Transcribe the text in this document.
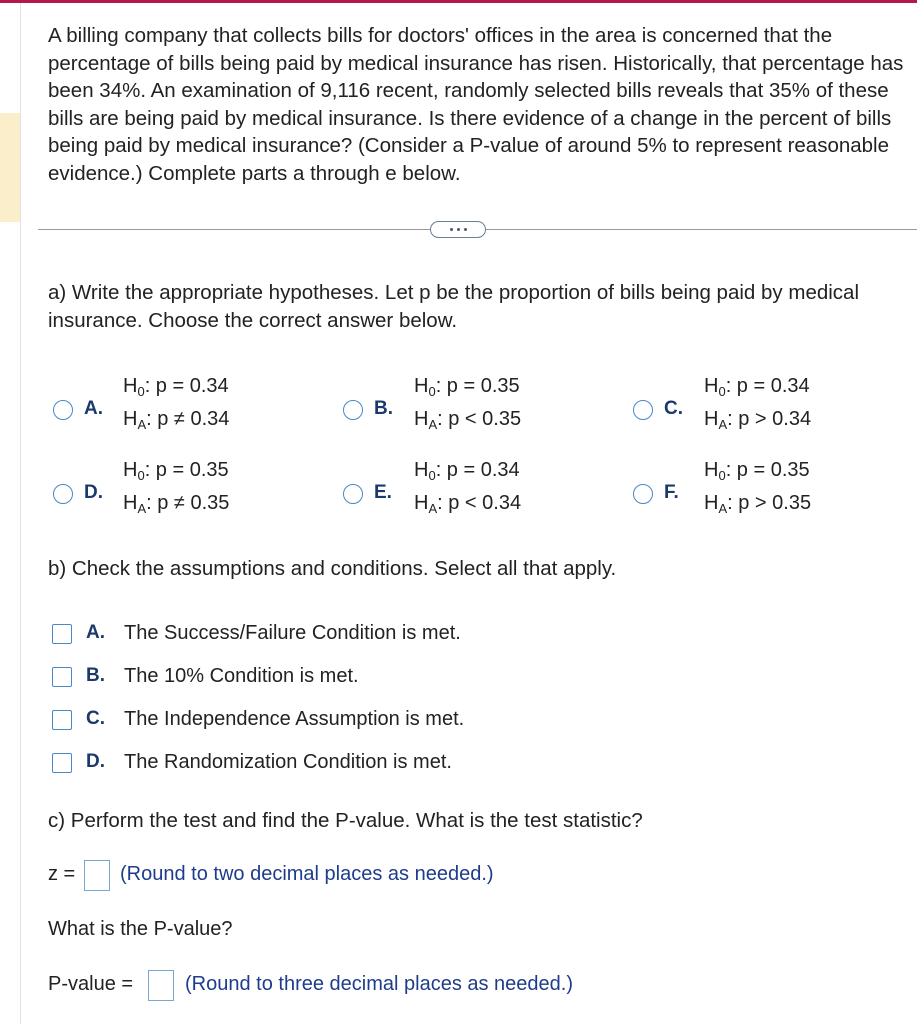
A billing company that collects bills for doctors' offices in the area is concerned that the percentage of bills being paid by medical insurance has risen. Historically, that percentage has been 34%. An examination of 9,116 recent, randomly selected bills reveals that 35% of these bills are being paid by medical insurance. Is there evidence of a change in the percent of bills being paid by medical insurance? (Consider a P-value of around 5% to represent reasonable evidence.) Complete parts a through e below.
a) Write the appropriate hypotheses. Let p be the proportion of bills being paid by medical insurance. Choose the correct answer below.
A.
$H_0$: p = 0.34
$H_A$: p ≠ 0.34	B.
$H_0$: p = 0.35
$H_A$: p < 0.35	C.
$H_0$: p = 0.34
$H_A$: p > 0.34
D.
$H_0$: p = 0.35
$H_A$: p ≠ 0.35	E.
$H_0$: p = 0.34
$H_A$: p < 0.34	F.
$H_0$: p = 0.35
$H_A$: p > 0.35
b) Check the assumptions and conditions. Select all that apply.
A. The Success/Failure Condition is met.
B. The 10% Condition is met.
C. The Independence Assumption is met.
D. The Randomization Condition is met.
c) Perform the test and find the P-value. What is the test statistic?
z = (Round to two decimal places as needed.)
What is the P-value?
P-value =	(Round to three decimal places as needed.)
